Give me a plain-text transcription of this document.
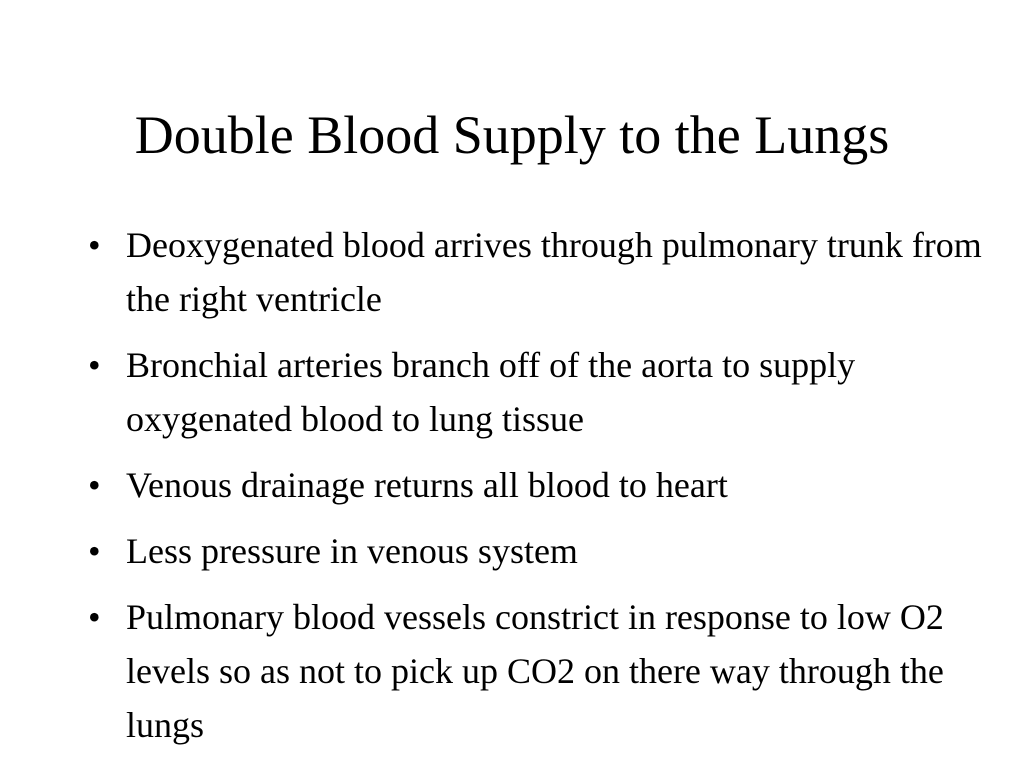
Double Blood Supply to the Lungs
• Deoxygenated blood arrives through pulmonary trunk from the right ventricle
• Bronchial arteries branch off of the aorta to supply oxygenated blood to lung tissue
• Venous drainage returns all blood to heart
• Less pressure in venous system
• Pulmonary blood vessels constrict in response to low O2 levels so as not to pick up CO2 on there way through the lungs
